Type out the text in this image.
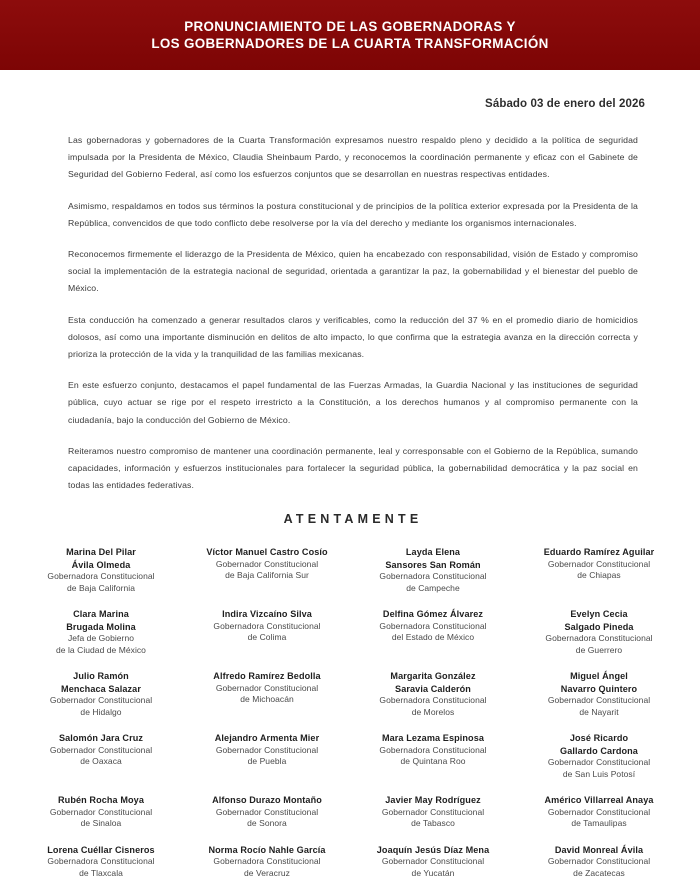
PRONUNCIAMIENTO DE LAS GOBERNADORAS Y
LOS GOBERNADORES DE LA CUARTA TRANSFORMACIÓN
Sábado 03 de enero del 2026

Las gobernadoras y gobernadores de la Cuarta Transformación expresamos nuestro respaldo pleno y decidido a la política de seguridad impulsada por la Presidenta de México, Claudia Sheinbaum Pardo, y reconocemos la coordinación permanente y eficaz con el Gabinete de Seguridad del Gobierno Federal, así como los esfuerzos conjuntos que se desarrollan en nuestras respectivas entidades.

Asimismo, respaldamos en todos sus términos la postura constitucional y de principios de la política exterior expresada por la Presidenta de la República, convencidos de que todo conflicto debe resolverse por la vía del derecho y mediante los organismos internacionales.

Reconocemos firmemente el liderazgo de la Presidenta de México, quien ha encabezado con responsabilidad, visión de Estado y compromiso social la implementación de la estrategia nacional de seguridad, orientada a garantizar la paz, la gobernabilidad y el bienestar del pueblo de México.

Esta conducción ha comenzado a generar resultados claros y verificables, como la reducción del 37 % en el promedio diario de homicidios dolosos, así como una importante disminución en delitos de alto impacto, lo que confirma que la estrategia avanza en la dirección correcta y prioriza la protección de la vida y la tranquilidad de las familias mexicanas.

En este esfuerzo conjunto, destacamos el papel fundamental de las Fuerzas Armadas, la Guardia Nacional y las instituciones de seguridad pública, cuyo actuar se rige por el respeto irrestricto a la Constitución, a los derechos humanos y al compromiso permanente con la ciudadanía, bajo la conducción del Gobierno de México.

Reiteramos nuestro compromiso de mantener una coordinación permanente, leal y corresponsable con el Gobierno de la República, sumando capacidades, información y esfuerzos institucionales para fortalecer la seguridad pública, la gobernabilidad democrática y la paz social en todas las entidades federativas.

ATENTAMENTE
Marina Del Pilar
Ávila Olmeda
Gobernadora Constitucional
de Baja California
Víctor Manuel Castro Cosío
Gobernador Constitucional
de Baja California Sur
Layda Elena
Sansores San Román
Gobernadora Constitucional
de Campeche
Eduardo Ramírez Aguilar
Gobernador Constitucional
de Chiapas
Clara Marina
Brugada Molina
Jefa de Gobierno
de la Ciudad de México
Indira Vizcaíno Silva
Gobernadora Constitucional
de Colima
Delfina Gómez Álvarez
Gobernadora Constitucional
del Estado de México
Evelyn Cecia
Salgado Pineda
Gobernadora Constitucional
de Guerrero
Julio Ramón
Menchaca Salazar
Gobernador Constitucional
de Hidalgo
Alfredo Ramírez Bedolla
Gobernador Constitucional
de Michoacán
Margarita González
Saravia Calderón
Gobernadora Constitucional
de Morelos
Miguel Ángel
Navarro Quintero
Gobernador Constitucional
de Nayarit
Salomón Jara Cruz
Gobernador Constitucional
de Oaxaca
Alejandro Armenta Mier
Gobernador Constitucional
de Puebla
Mara Lezama Espinosa
Gobernadora Constitucional
de Quintana Roo
José Ricardo
Gallardo Cardona
Gobernador Constitucional
de San Luis Potosí
Rubén Rocha Moya
Gobernador Constitucional
de Sinaloa
Alfonso Durazo Montaño
Gobernador Constitucional
de Sonora
Javier May Rodríguez
Gobernador Constitucional
de Tabasco
Américo Villarreal Anaya
Gobernador Constitucional
de Tamaulipas
Lorena Cuéllar Cisneros
Gobernadora Constitucional
de Tlaxcala
Norma Rocío Nahle García
Gobernadora Constitucional
de Veracruz
Joaquín Jesús Díaz Mena
Gobernador Constitucional
de Yucatán
David Monreal Ávila
Gobernador Constitucional
de Zacatecas
